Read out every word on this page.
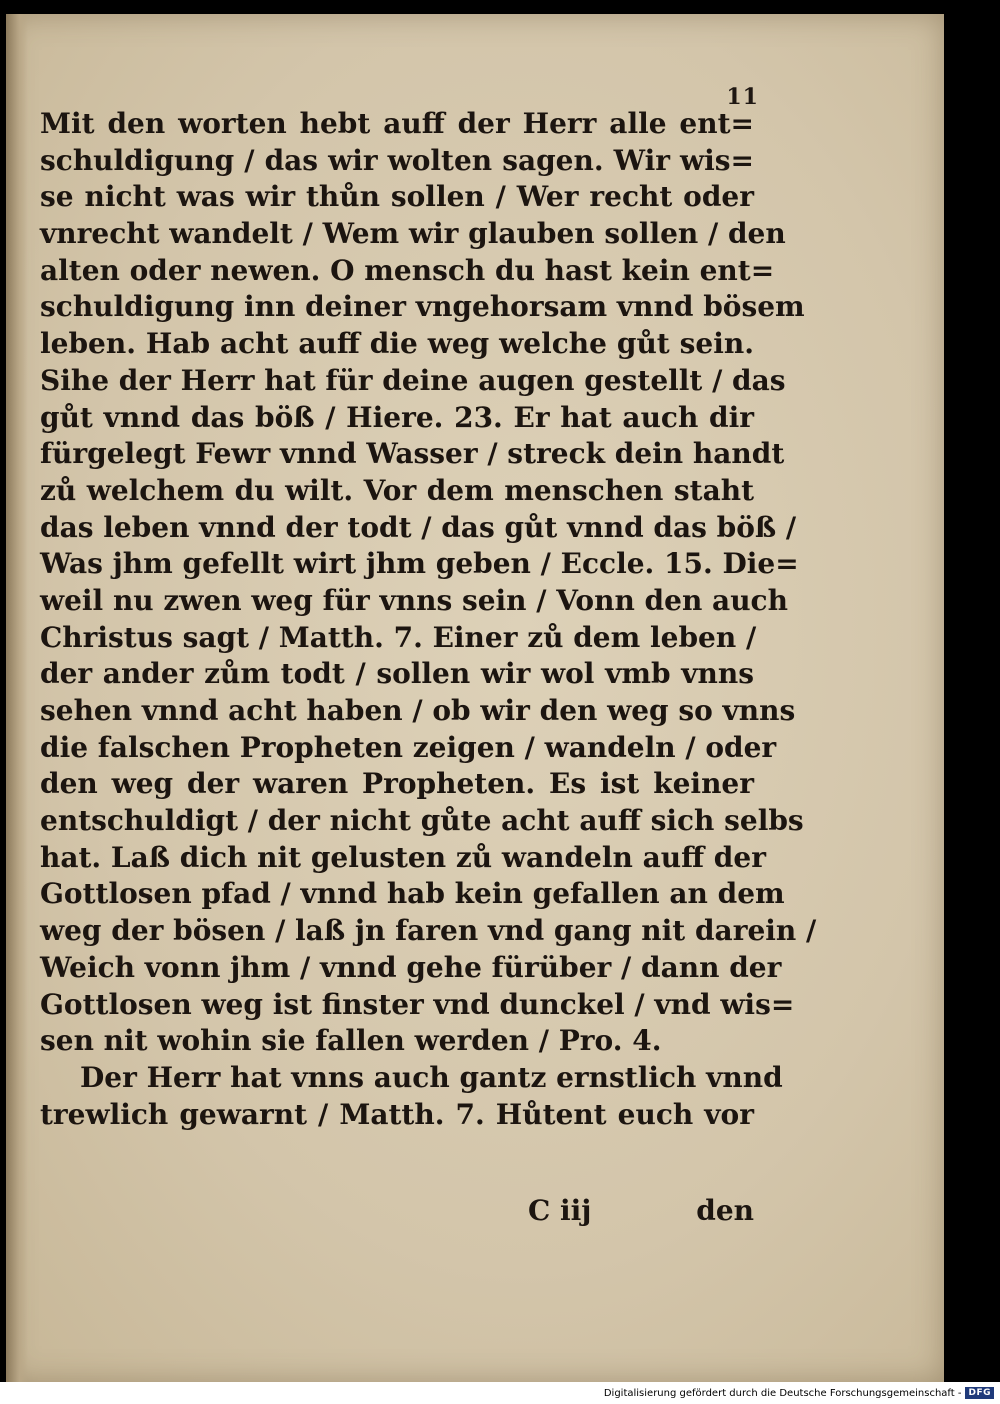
11
Mit den worten hebt auff der Herr alle ent=
schuldigung / das wir wolten sagen. Wir wis=
se nicht was wir thůn sollen / Wer recht oder
vnrecht wandelt / Wem wir glauben sollen / den
alten oder newen. O mensch du hast kein ent=
schuldigung inn deiner vngehorsam vnnd bösem
leben. Hab acht auff die weg welche gůt sein.
Sihe der Herr hat für deine augen gestellt / das
gůt vnnd das böß / Hiere. 23. Er hat auch dir
fürgelegt Fewr vnnd Wasser / streck dein handt
zů welchem du wilt. Vor dem menschen staht
das leben vnnd der todt / das gůt vnnd das böß /
Was jhm gefellt wirt jhm geben / Eccle. 15. Die=
weil nu zwen weg für vnns sein / Vonn den auch
Christus sagt / Matth. 7. Einer zů dem leben /
der ander zům todt / sollen wir wol vmb vnns
sehen vnnd acht haben / ob wir den weg so vnns
die falschen Propheten zeigen / wandeln / oder
den weg der waren Propheten. Es ist keiner
entschuldigt / der nicht gůte acht auff sich selbs
hat. Laß dich nit gelusten zů wandeln auff der
Gottlosen pfad / vnnd hab kein gefallen an dem
weg der bösen / laß jn faren vnd gang nit darein /
Weich vonn jhm / vnnd gehe fürüber / dann der
Gottlosen weg ist finster vnd dunckel / vnd wis=
sen nit wohin sie fallen werden / Pro. 4.
Der Herr hat vnns auch gantz ernstlich vnnd
trewlich gewarnt / Matth. 7. Hůtent euch vor
C iij	den
Digitalisierung gefördert durch die Deutsche Forschungsgemeinschaft - DFG
